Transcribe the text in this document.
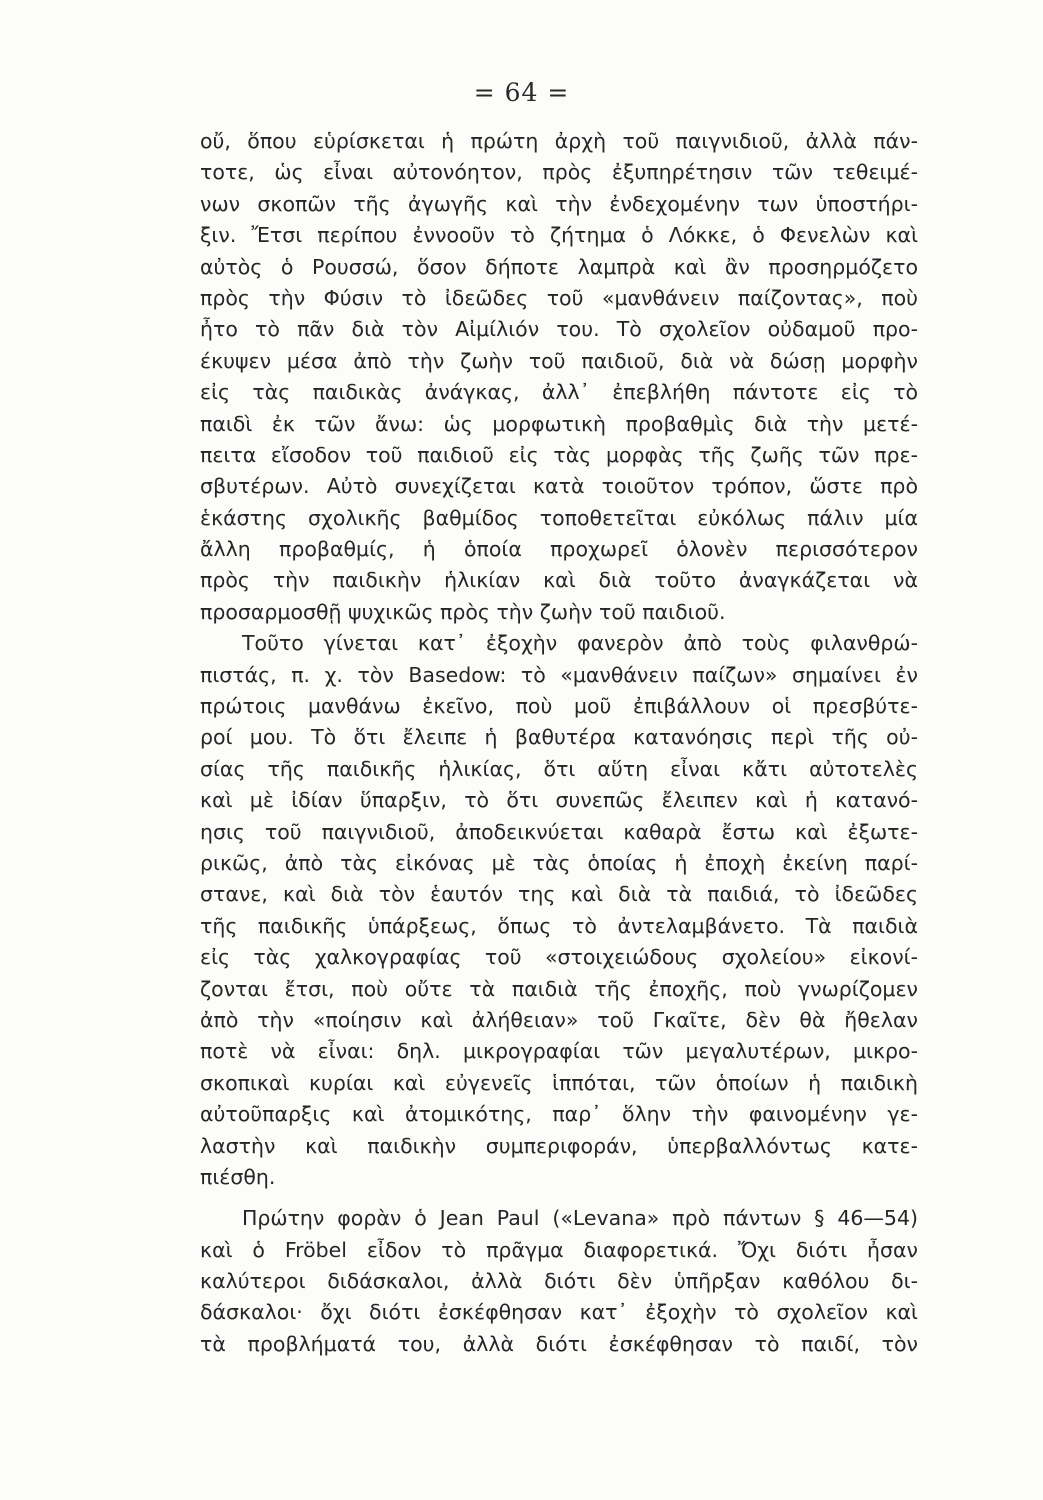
= 64 =
οὔ, ὅπου εὑρίσκεται ἡ πρώτη ἀρχὴ τοῦ παιγνιδιοῦ, ἀλλὰ πάν-
τοτε, ὡς εἶναι αὐτονόητον, πρὸς ἐξυπηρέτησιν τῶν τεθειμέ-
νων σκοπῶν τῆς ἀγωγῆς καὶ τὴν ἐνδεχομένην των ὑποστήρι-
ξιν. Ἔτσι περίπου ἐννοοῦν τὸ ζήτημα ὁ Λόκκε, ὁ Φενελὼν καὶ
αὐτὸς ὁ Ρουσσώ, ὅσον δήποτε λαμπρὰ καὶ ἂν προσηρμόζετο
πρὸς τὴν Φύσιν τὸ ἰδεῶδες τοῦ «μανθάνειν παίζοντας», ποὺ
ἦτο τὸ πᾶν διὰ τὸν Αἰμίλιόν του. Τὸ σχολεῖον οὐδαμοῦ προ-
έκυψεν μέσα ἀπὸ τὴν ζωὴν τοῦ παιδιοῦ, διὰ νὰ δώσῃ μορφὴν
εἰς τὰς παιδικὰς ἀνάγκας, ἀλλ᾽ ἐπεβλήθη πάντοτε εἰς τὸ
παιδὶ ἐκ τῶν ἄνω: ὡς μορφωτικὴ προβαθμὶς διὰ τὴν μετέ-
πειτα εἴσοδον τοῦ παιδιοῦ εἰς τὰς μορφὰς τῆς ζωῆς τῶν πρε-
σβυτέρων. Αὐτὸ συνεχίζεται κατὰ τοιοῦτον τρόπον, ὥστε πρὸ
ἑκάστης σχολικῆς βαθμίδος τοποθετεῖται εὐκόλως πάλιν μία
ἄλλη προβαθμίς, ἡ ὁποία προχωρεῖ ὁλονὲν περισσότερον
πρὸς τὴν παιδικὴν ἡλικίαν καὶ διὰ τοῦτο ἀναγκάζεται νὰ
προσαρμοσθῇ ψυχικῶς πρὸς τὴν ζωὴν τοῦ παιδιοῦ.
Τοῦτο γίνεται κατ᾽ ἐξοχὴν φανερὸν ἀπὸ τοὺς φιλανθρώ-
πιστάς, π. χ. τὸν Basedow: τὸ «μανθάνειν παίζων» σημαίνει ἐν
πρώτοις μανθάνω ἐκεῖνο, ποὺ μοῦ ἐπιβάλλουν οἱ πρεσβύτε-
ροί μου. Τὸ ὅτι ἔλειπε ἡ βαθυτέρα κατανόησις περὶ τῆς οὐ-
σίας τῆς παιδικῆς ἡλικίας, ὅτι αὕτη εἶναι κἄτι αὐτοτελὲς
καὶ μὲ ἰδίαν ὕπαρξιν, τὸ ὅτι συνεπῶς ἔλειπεν καὶ ἡ κατανό-
ησις τοῦ παιγνιδιοῦ, ἀποδεικνύεται καθαρὰ ἔστω καὶ ἐξωτε-
ρικῶς, ἀπὸ τὰς εἰκόνας μὲ τὰς ὁποίας ἡ ἐποχὴ ἐκείνη παρί-
στανε, καὶ διὰ τὸν ἑαυτόν της καὶ διὰ τὰ παιδιά, τὸ ἰδεῶδες
τῆς παιδικῆς ὑπάρξεως, ὅπως τὸ ἀντελαμβάνετο. Τὰ παιδιὰ
εἰς τὰς χαλκογραφίας τοῦ «στοιχειώδους σχολείου» εἰκονί-
ζονται ἔτσι, ποὺ οὔτε τὰ παιδιὰ τῆς ἐποχῆς, ποὺ γνωρίζομεν
ἀπὸ τὴν «ποίησιν καὶ ἀλήθειαν» τοῦ Γκαῖτε, δὲν θὰ ἤθελαν
ποτὲ νὰ εἶναι: δηλ. μικρογραφίαι τῶν μεγαλυτέρων, μικρο-
σκοπικαὶ κυρίαι καὶ εὐγενεῖς ἱππόται, τῶν ὁποίων ἡ παιδικὴ
αὐτοῦπαρξις καὶ ἀτομικότης, παρ᾽ ὅλην τὴν φαινομένην γε-
λαστὴν καὶ παιδικὴν συμπεριφοράν, ὑπερβαλλόντως κατε-
πιέσθη.
Πρώτην φορὰν ὁ Jean Paul («Levana» πρὸ πάντων § 46—54)
καὶ ὁ Fröbel εἶδον τὸ πρᾶγμα διαφορετικά. Ὄχι διότι ἦσαν
καλύτεροι διδάσκαλοι, ἀλλὰ διότι δὲν ὑπῆρξαν καθόλου δι-
δάσκαλοι· ὄχι διότι ἐσκέφθησαν κατ᾽ ἐξοχὴν τὸ σχολεῖον καὶ
τὰ προβλήματά του, ἀλλὰ διότι ἐσκέφθησαν τὸ παιδί, τὸν
